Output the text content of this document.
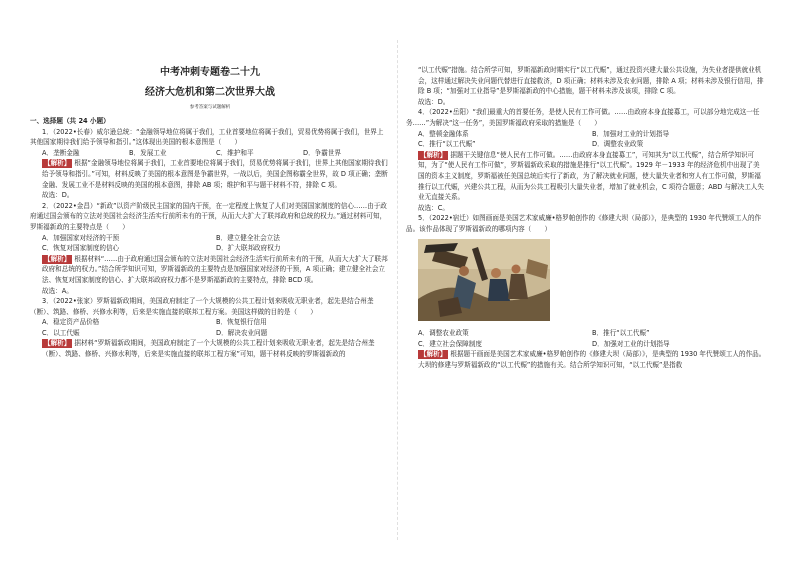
中考冲刺专题卷二十九
经济大危机和第二次世界大战
参考答案与试题解析
一、选择题（共 24 小题）

1．（2022•长春）威尔逊总统：“金融领导地位将属于我们，工业首要地位将属于我们，贸易优势将属于我们，世界上其他国家期待我们给予领导和指引。”这体现出美国的根本意图是（　　）

A．垄断金融	B．发展工业	C．维护和平	D．争霸世界

【解析】 根据“金融领导地位将属于我们，工业首要地位将属于我们，贸易优势将属于我们，世界上其他国家期待我们给予领导和指引。”可知，材料反映了美国的根本意图是争霸世界，一战以后，美国企图称霸全世界，故 D 项正确；垄断金融、发展工业不是材料反映的美国的根本意图，排除 AB 项；维护和平与题干材料不符，排除 C 项。

故选：D。

2．（2022•金昌）“新政”以资产阶级民主国家的国内干预，在一定程度上恢复了人们对美国国家制度的信心……由于政府通过国会颁布的立法对美国社会经济生活实行前所未有的干预，从而大大扩大了联邦政府和总统的权力。”通过材料可知，罗斯福新政的主要特点是（　　）

A．加强国家对经济的干预	B．建立健全社会立法
C．恢复对国家制度的信心	D．扩大联邦政府权力

【解析】 根据材料“……由于政府通过国会颁布的立法对美国社会经济生活实行前所未有的干预，从而大大扩大了联邦政府和总统的权力。”结合所学知识可知，罗斯福新政的主要特点是加强国家对经济的干预，A 项正确；建立健全社会立法、恢复对国家制度的信心、扩大联邦政府权力都不是罗斯福新政的主要特点，排除 BCD 项。

故选：A。

3．（2022•张家）罗斯福新政期间，美国政府制定了一个大规模的公共工程计划来吸收无职业者，起先是结合州垄（断）、筑路、修桥、兴修水利等，后来是实施直接的联邦工程方案。美国这样做的目的是（　　）

A．稳定资产品价格	B．恢复银行信用
C．以工代赈	D．解决农业问题

【解析】 据材料“罗斯福新政期间，美国政府制定了一个大规模的公共工程计划来吸收无职业者，起先是结合州垄（断）、筑路、修桥、兴修水利等，后来是实施直接的联邦工程方案”可知，题干材料反映的罗斯福新政的

“以工代赈”措施。结合所学可知，罗斯福新政时期实行“以工代赈”，通过投资兴建大量公共设施，为失业者提供就业机会，这样通过解决失业问题代替进行直接救济，D 项正确；材料未涉及农业问题，排除 A 项；材料未涉及银行信用，排除 B 项；“加强对工业指导”是罗斯福新政的中心措施，题干材料未涉及该项，排除 C 项。

故选：D。

4．（2022•岳阳）“我们最重大的首要任务，是使人民有工作可做。……由政府本身直接募工，可以部分地完成这一任务……”为解决“这一任务”，美国罗斯福政府采取的措施是（　　）

A．整顿金融体系	B．加强对工业的计划指导
C．推行“以工代赈”	D．调整农业政策

【解析】 据题干关键信息“使人民有工作可做。……由政府本身直接募工”，可知其为“以工代赈”，结合所学知识可知，为了“使人民有工作可做”，罗斯福新政采取的措施是推行“以工代赈”。1929 年－1933 年的经济危机中出现了美国的资本主义制度，罗斯福被任美国总统后实行了新政，为了解决就业问题，使大量失业者和穷人有工作可做，罗斯福推行以工代赈，兴建公共工程，从而为公共工程吸引大量失业者，增加了就业机会，C 项符合题意；ABD 与解决工人失业无直接关系。

故选：C。

5．（2022•宿迁）如图画面是美国艺术家威廉•格罗帕创作的《修建大坝（局部）》，是典型的 1930 年代赞颂工人的作品。该作品体现了罗斯福新政的哪项内容（　　）

A．调整农业政策	B．推行“以工代赈”
C．建立社会保障制度	D．加强对工业的计划指导

【解析】 根据题干画面是美国艺术家威廉•格罗帕创作的《修建大坝（局部）》，是典型的 1930 年代赞颂工人的作品。大坝的修建与罗斯福新政的“以工代赈”的措施有关。结合所学知识可知，“以工代赈”是指救
